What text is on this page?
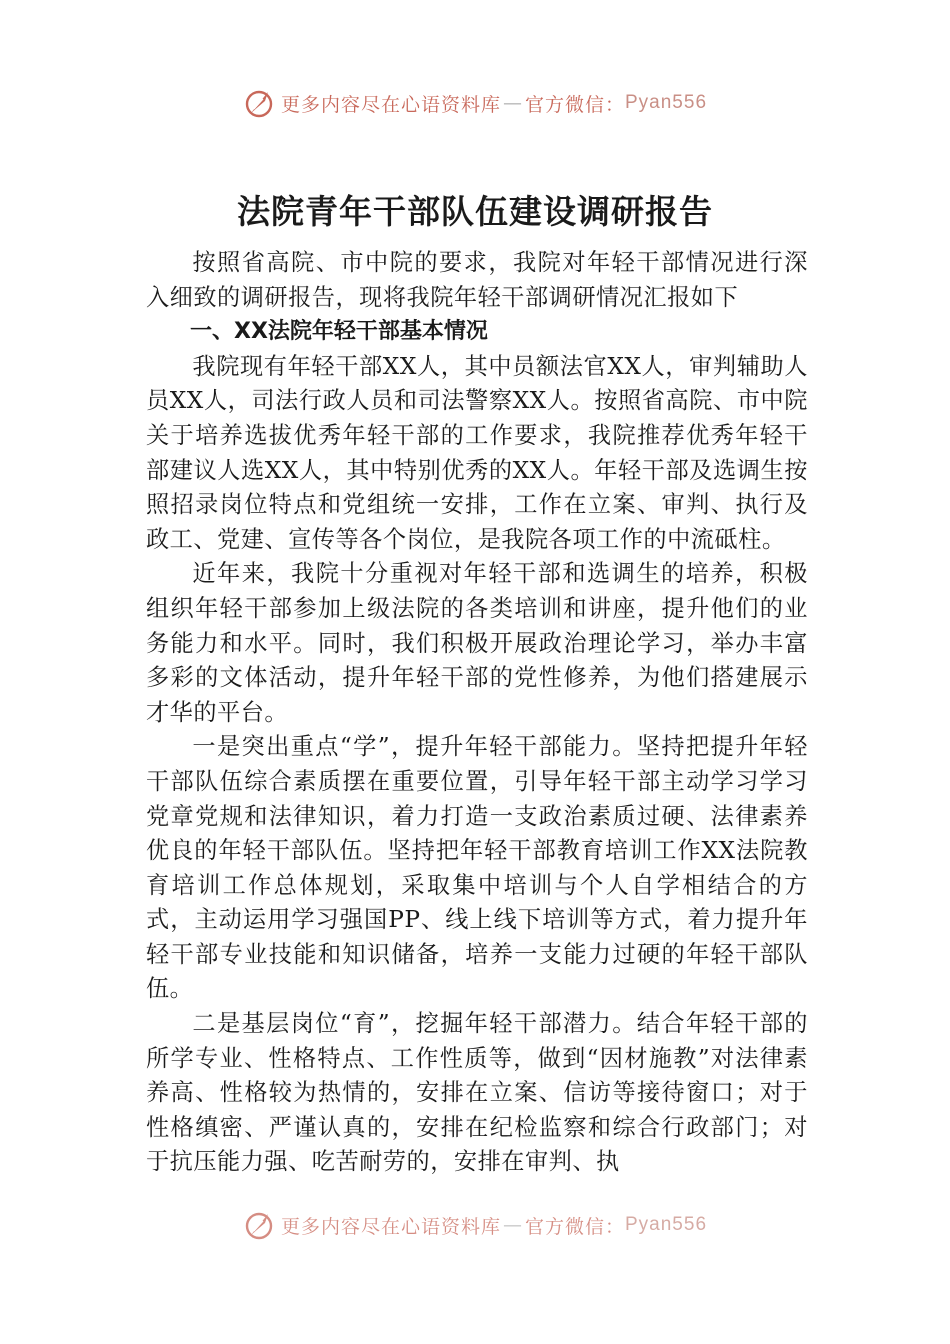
更多内容尽在心语资料库 — 官方微信： Pyan556
法院青年干部队伍建设调研报告

按照省高院、市中院的要求，我院对年轻干部情况进行深入细致的调研报告，现将我院年轻干部调研情况汇报如下

一、XX法院年轻干部基本情况

我院现有年轻干部XX人，其中员额法官XX人，审判辅助人员XX人，司法行政人员和司法警察XX人。按照省高院、市中院关于培养选拔优秀年轻干部的工作要求，我院推荐优秀年轻干部建议人选XX人，其中特别优秀的XX人。年轻干部及选调生按照招录岗位特点和党组统一安排，工作在立案、审判、执行及政工、党建、宣传等各个岗位，是我院各项工作的中流砥柱。

近年来，我院十分重视对年轻干部和选调生的培养，积极组织年轻干部参加上级法院的各类培训和讲座，提升他们的业务能力和水平。同时，我们积极开展政治理论学习，举办丰富多彩的文体活动，提升年轻干部的党性修养，为他们搭建展示才华的平台。

一是突出重点“学”，提升年轻干部能力。坚持把提升年轻干部队伍综合素质摆在重要位置，引导年轻干部主动学习学习党章党规和法律知识，着力打造一支政治素质过硬、法律素养优良的年轻干部队伍。坚持把年轻干部教育培训工作XX法院教育培训工作总体规划，采取集中培训与个人自学相结合的方式，主动运用学习强国PP、线上线下培训等方式，着力提升年轻干部专业技能和知识储备，培养一支能力过硬的年轻干部队伍。

二是基层岗位“育”，挖掘年轻干部潜力。结合年轻干部的所学专业、性格特点、工作性质等，做到“因材施教”对法律素养高、性格较为热情的，安排在立案、信访等接待窗口；对于性格缜密、严谨认真的，安排在纪检监察和综合行政部门；对于抗压能力强、吃苦耐劳的，安排在审判、执

更多内容尽在心语资料库 — 官方微信： Pyan556
